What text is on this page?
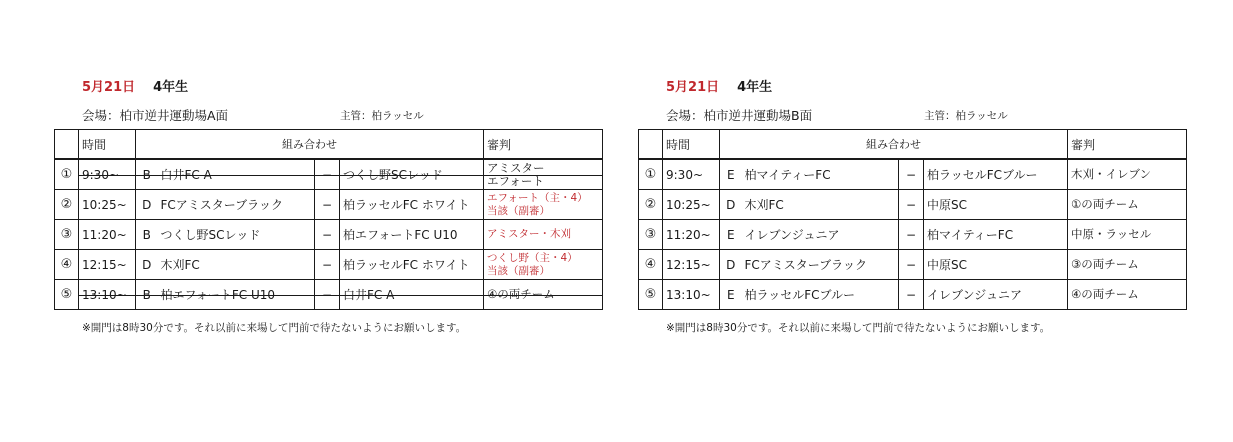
5月21日 4年生
会場：柏市逆井運動場A面	主管：柏ラッセル
	時間	組み合わせ				審判
①	9:30~	B	白井FC A	−	つくし野SCレッド	アミスター
エフォート

②	10:25~	D	FCアミスターブラック	−	柏ラッセルFC ホワイト	エフォート（主・4）
当該（副審）

③	11:20~	B	つくし野SCレッド	−	柏エフォートFC U10	アミスター・木刈
④	12:15~	D	木刈FC	−	柏ラッセルFC ホワイト	つくし野（主・4）
当該（副審）

⑤	13:10~	B	柏エフォートFC U10	−	白井FC A	④の両チーム
※開門は8時30分です。それ以前に来場して門前で待たないようにお願いします。
5月21日 4年生
会場：柏市逆井運動場B面	主管：柏ラッセル
	時間	組み合わせ				審判
①	9:30~	E	柏マイティーFC	−	柏ラッセルFCブルー	木刈・イレブン
②	10:25~	D	木刈FC	−	中原SC	①の両チーム
③	11:20~	E	イレブンジュニア	−	柏マイティーFC	中原・ラッセル
④	12:15~	D	FCアミスターブラック	−	中原SC	③の両チーム
⑤	13:10~	E	柏ラッセルFCブルー	−	イレブンジュニア	④の両チーム
※開門は8時30分です。それ以前に来場して門前で待たないようにお願いします。
